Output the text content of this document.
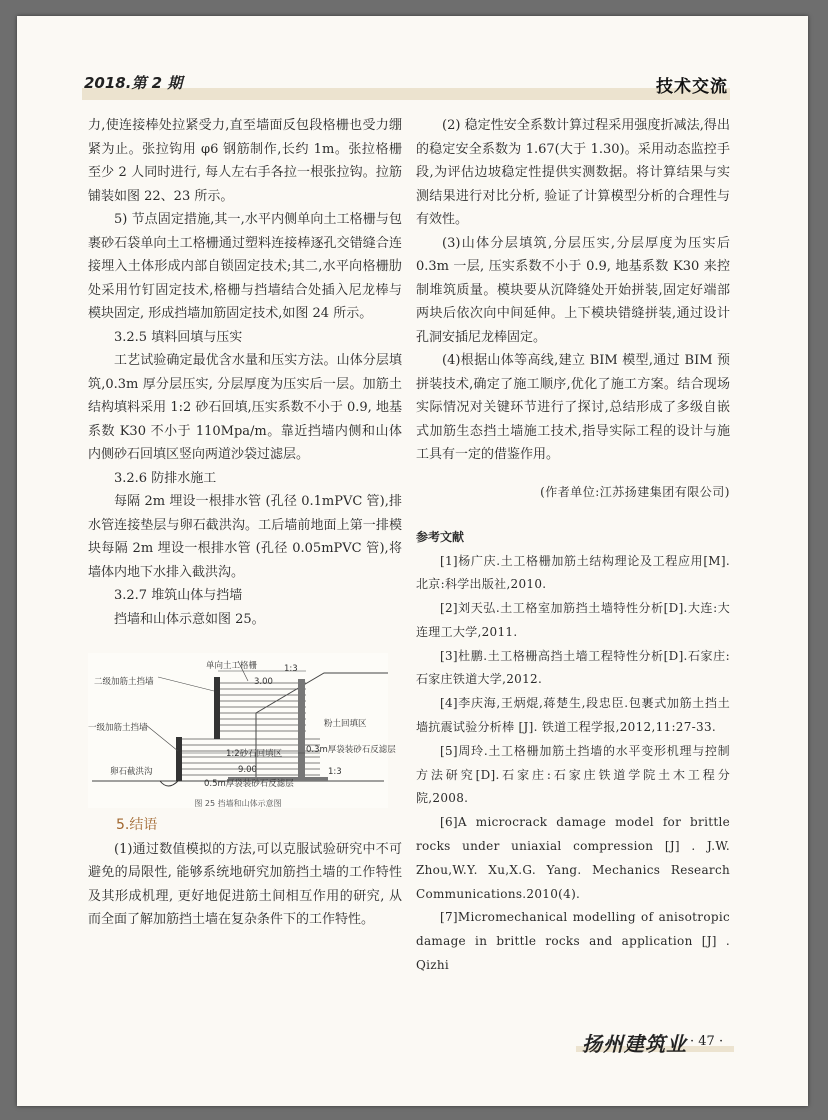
2018.第 2 期	技术交流

力,使连接棒处拉紧受力,直至墙面反包段格栅也受力绷紧为止。张拉钩用 φ6 钢筋制作,长约 1m。张拉格栅至少 2 人同时进行, 每人左右手各拉一根张拉钩。拉筋铺装如图 22、23 所示。

5) 节点固定措施,其一,水平内侧单向土工格栅与包裹砂石袋单向土工格栅通过塑料连接棒逐孔交错缝合连接埋入土体形成内部自锁固定技术;其二,水平向格栅肋处采用竹钉固定技术,格栅与挡墙结合处插入尼龙棒与模块固定, 形成挡墙加筋固定技术,如图 24 所示。

3.2.5 填料回填与压实

工艺试验确定最优含水量和压实方法。山体分层填筑,0.3m 厚分层压实, 分层厚度为压实后一层。加筋土结构填料采用 1:2 砂石回填,压实系数不小于 0.9, 地基系数 K30 不小于 110Mpa/m。靠近挡墙内侧和山体内侧砂石回填区竖向两道沙袋过滤层。

3.2.6 防排水施工

每隔 2m 埋设一根排水管 (孔径 0.1mPVC 管),排水管连接垫层与卵石截洪沟。工后墙前地面上第一排模块每隔 2m 埋设一根排水管 (孔径 0.05mPVC 管),将墙体内地下水排入截洪沟。

3.2.7 堆筑山体与挡墙

挡墙和山体示意如图 25。

单向土工格栅	1:3
3.00
二级加筋土挡墙
粉土回填区
一级加筋土挡墙
1:2砂石回填区	0.3m厚袋装砂石反滤层
卵石截洪沟	9.00
0.5m厚袋装砂石反滤层
1:3
图 25 挡墙和山体示意图

5.结语

(1)通过数值模拟的方法,可以克服试验研究中不可避免的局限性, 能够系统地研究加筋挡土墙的工作特性及其形成机理, 更好地促进筋土间相互作用的研究, 从而全面了解加筋挡土墙在复杂条件下的工作特性。

(2) 稳定性安全系数计算过程采用强度折减法,得出的稳定安全系数为 1.67(大于 1.30)。采用动态监控手段,为评估边坡稳定性提供实测数据。将计算结果与实测结果进行对比分析, 验证了计算模型分析的合理性与有效性。

(3)山体分层填筑,分层压实,分层厚度为压实后 0.3m 一层, 压实系数不小于 0.9, 地基系数 K30 来控制堆筑质量。模块要从沉降缝处开始拼装,固定好端部两块后依次向中间延伸。上下模块错缝拼装,通过设计孔洞安插尼龙棒固定。

(4)根据山体等高线,建立 BIM 模型,通过 BIM 预拼装技术,确定了施工顺序,优化了施工方案。结合现场实际情况对关键环节进行了探讨,总结形成了多级自嵌式加筋生态挡土墙施工技术,指导实际工程的设计与施工具有一定的借鉴作用。

(作者单位:江苏扬建集团有限公司)

参考文献

[1]杨广庆.土工格栅加筋土结构理论及工程应用[M].北京:科学出版社,2010.

[2]刘天弘.土工格室加筋挡土墙特性分析[D].大连:大连理工大学,2011.

[3]杜鹏.土工格栅高挡土墙工程特性分析[D].石家庄:石家庄铁道大学,2012.

[4]李庆海,王炳焜,蒋楚生,段忠臣.包裹式加筋土挡土墙抗震试验分析棒 [J]. 铁道工程学报,2012,11:27-33.

[5]周玲.土工格栅加筋土挡墙的水平变形机理与控制方法研究[D].石家庄:石家庄铁道学院土木工程分院,2008.

[6]A microcrack damage model for brittle rocks under uniaxial compression [J] . J.W. Zhou,W.Y. Xu,X.G. Yang. Mechanics Research Communications.2010(4).

[7]Micromechanical modelling of anisotropic damage in brittle rocks and application [J] . Qizhi

扬州建筑业 · 47 ·
